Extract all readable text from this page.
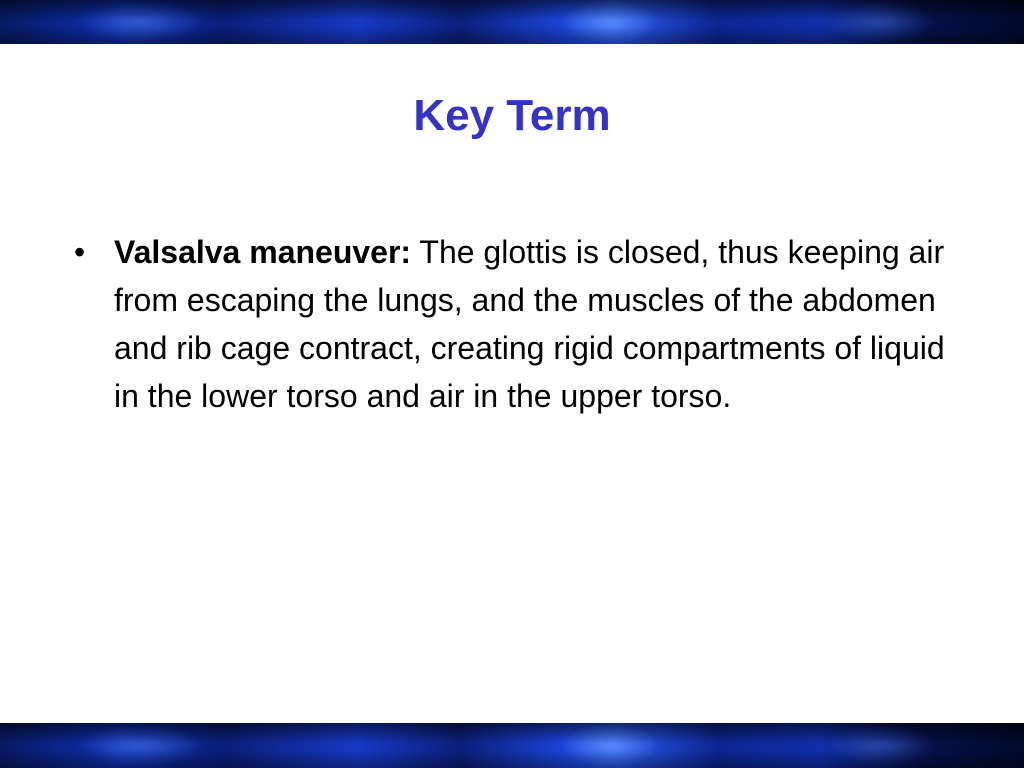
Key Term
• Valsalva maneuver: The glottis is closed, thus keeping air from escaping the lungs, and the muscles of the abdomen and rib cage contract, creating rigid compartments of liquid in the lower torso and air in the upper torso.
